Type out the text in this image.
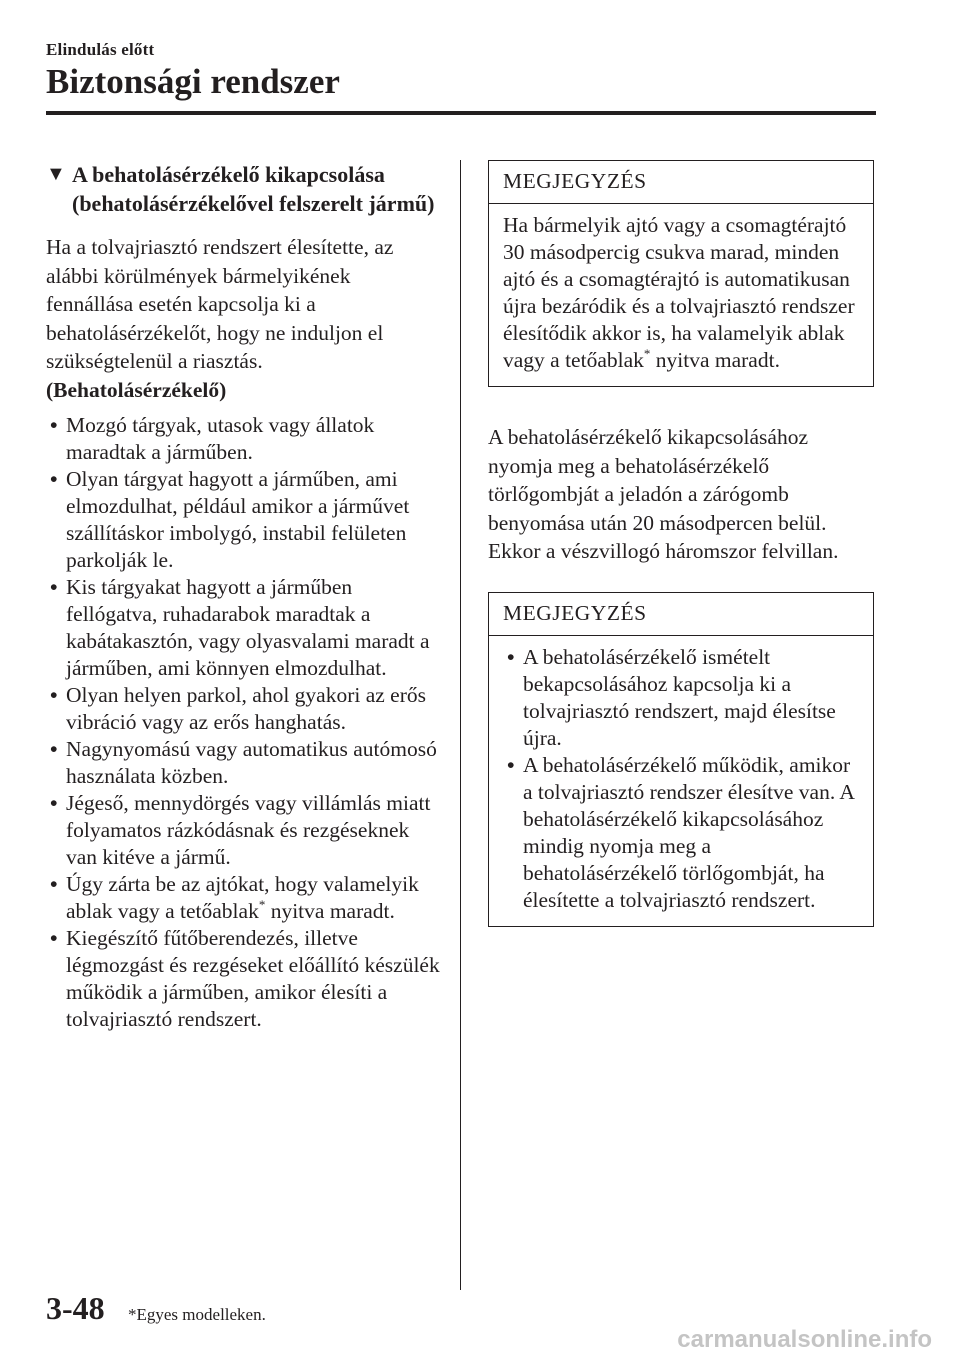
Elindulás előtt
Biztonsági rendszer
▼ A behatolásérzékelő kikapcsolása (behatolásérzékelővel felszerelt jármű)

Ha a tolvajriasztó rendszert élesítette, az alábbi körülmények bármelyikének fennállása esetén kapcsolja ki a behatolásérzékelőt, hogy ne induljon el szükségtelenül a riasztás.

(Behatolásérzékelő)

• Mozgó tárgyak, utasok vagy állatok maradtak a járműben.
• Olyan tárgyat hagyott a járműben, ami elmozdulhat, például amikor a járművet szállításkor imbolygó, instabil felületen parkolják le.
• Kis tárgyakat hagyott a járműben fellógatva, ruhadarabok maradtak a kabátakasztón, vagy olyasvalami maradt a járműben, ami könnyen elmozdulhat.
• Olyan helyen parkol, ahol gyakori az erős vibráció vagy az erős hanghatás.
• Nagynyomású vagy automatikus autómosó használata közben.
• Jégeső, mennydörgés vagy villámlás miatt folyamatos rázkódásnak és rezgéseknek van kitéve a jármű.
• Úgy zárta be az ajtókat, hogy valamelyik ablak vagy a tetőablak* nyitva maradt.
• Kiegészítő fűtőberendezés, illetve légmozgást és rezgéseket előállító készülék működik a járműben, amikor élesíti a tolvajriasztó rendszert.
MEGJEGYZÉS

Ha bármelyik ajtó vagy a csomagtérajtó 30 másodpercig csukva marad, minden ajtó és a csomagtérajtó is automatikusan újra bezáródik és a tolvajriasztó rendszer élesítődik akkor is, ha valamelyik ablak vagy a tetőablak* nyitva maradt.

A behatolásérzékelő kikapcsolásához nyomja meg a behatolásérzékelő törlőgombját a jeladón a zárógomb benyomása után 20 másodpercen belül. Ekkor a vészvillogó háromszor felvillan.

MEGJEGYZÉS
• A behatolásérzékelő ismételt bekapcsolásához kapcsolja ki a tolvajriasztó rendszert, majd élesítse újra.
• A behatolásérzékelő működik, amikor a tolvajriasztó rendszer élesítve van. A behatolásérzékelő kikapcsolásához mindig nyomja meg a behatolásérzékelő törlőgombját, ha élesítette a tolvajriasztó rendszert.
3-48 *Egyes modelleken.
carmanualsonline.info
